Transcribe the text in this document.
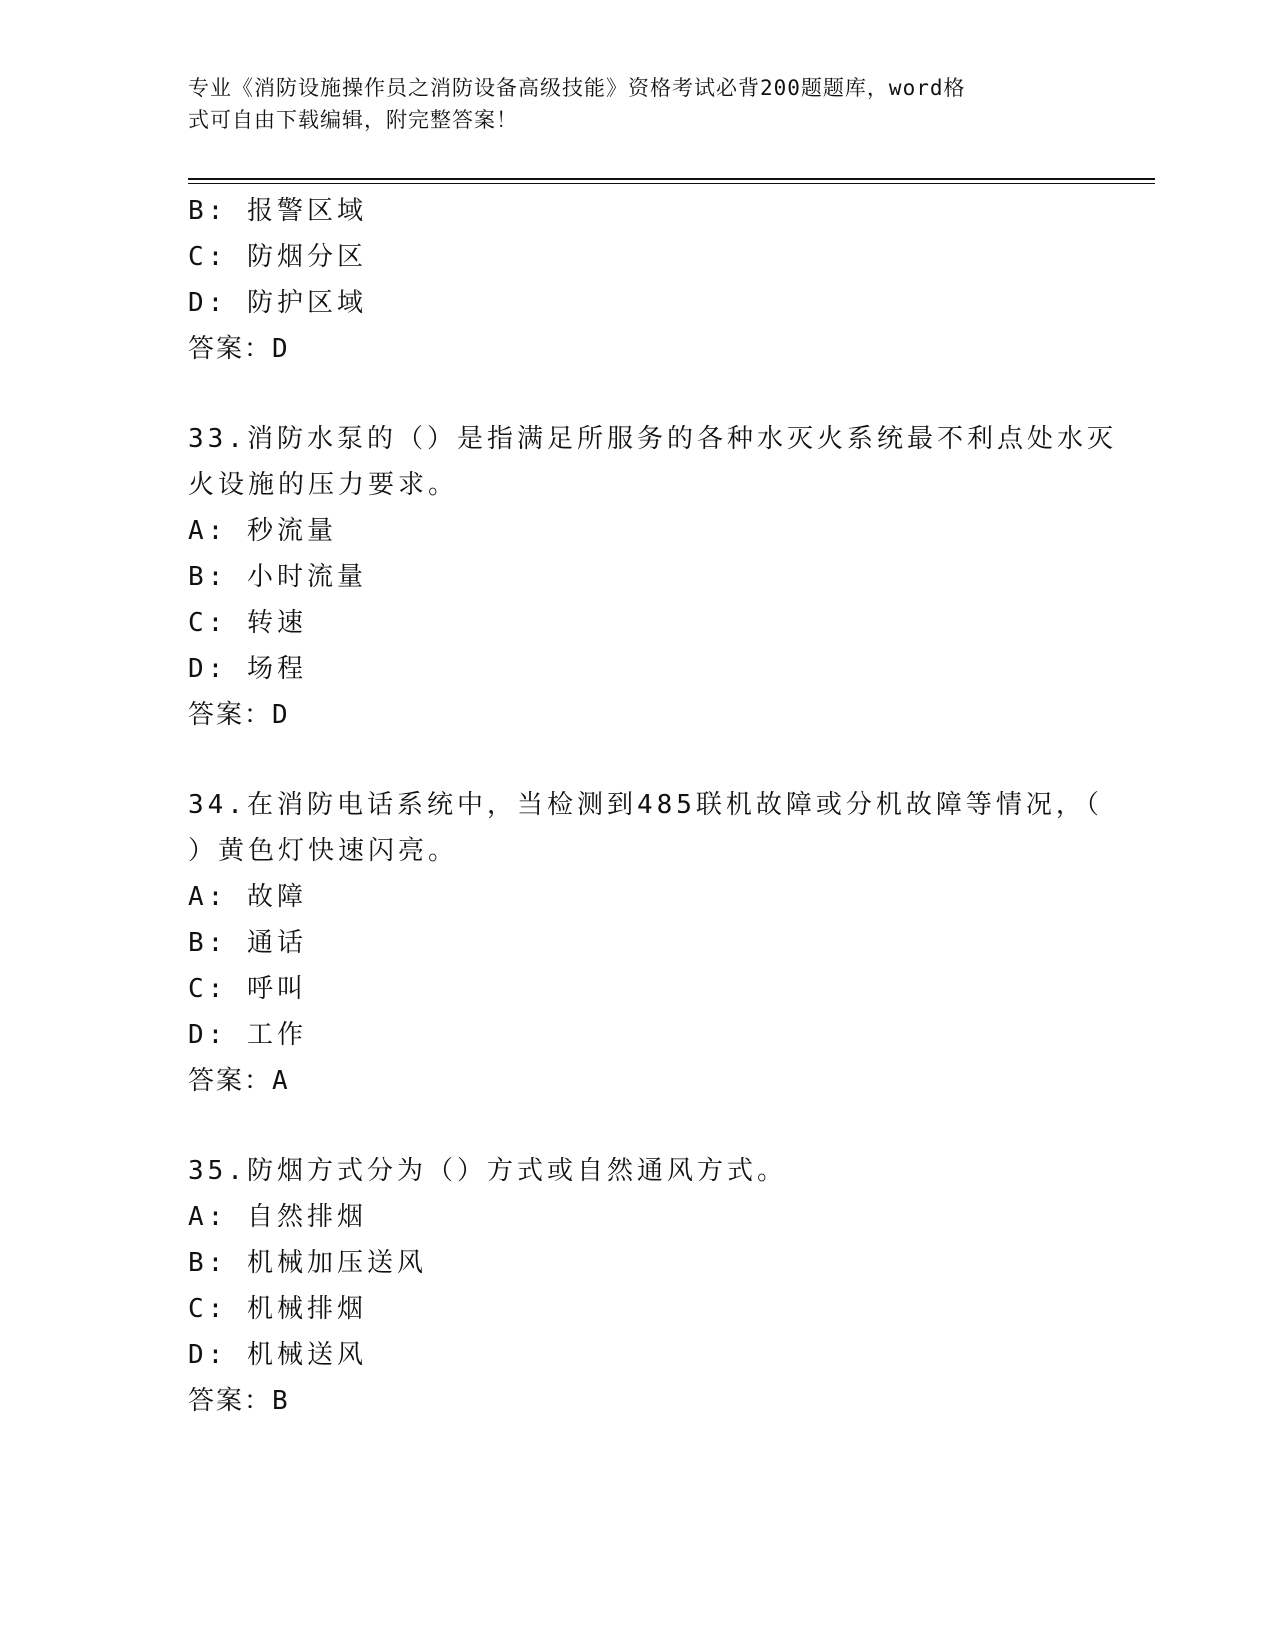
专业《消防设施操作员之消防设备高级技能》资格考试必背200题题库，word格
式可自由下载编辑，附完整答案！
B: 报警区域
C: 防烟分区
D: 防护区域
答案：D
33.消防水泵的（）是指满足所服务的各种水灭火系统最不利点处水灭
火设施的压力要求。
A: 秒流量
B: 小时流量
C: 转速
D: 场程
答案：D
34.在消防电话系统中，当检测到485联机故障或分机故障等情况，（
）黄色灯快速闪亮。
A: 故障
B: 通话
C: 呼叫
D: 工作
答案：A
35.防烟方式分为（）方式或自然通风方式。
A: 自然排烟
B: 机械加压送风
C: 机械排烟
D: 机械送风
答案：B
